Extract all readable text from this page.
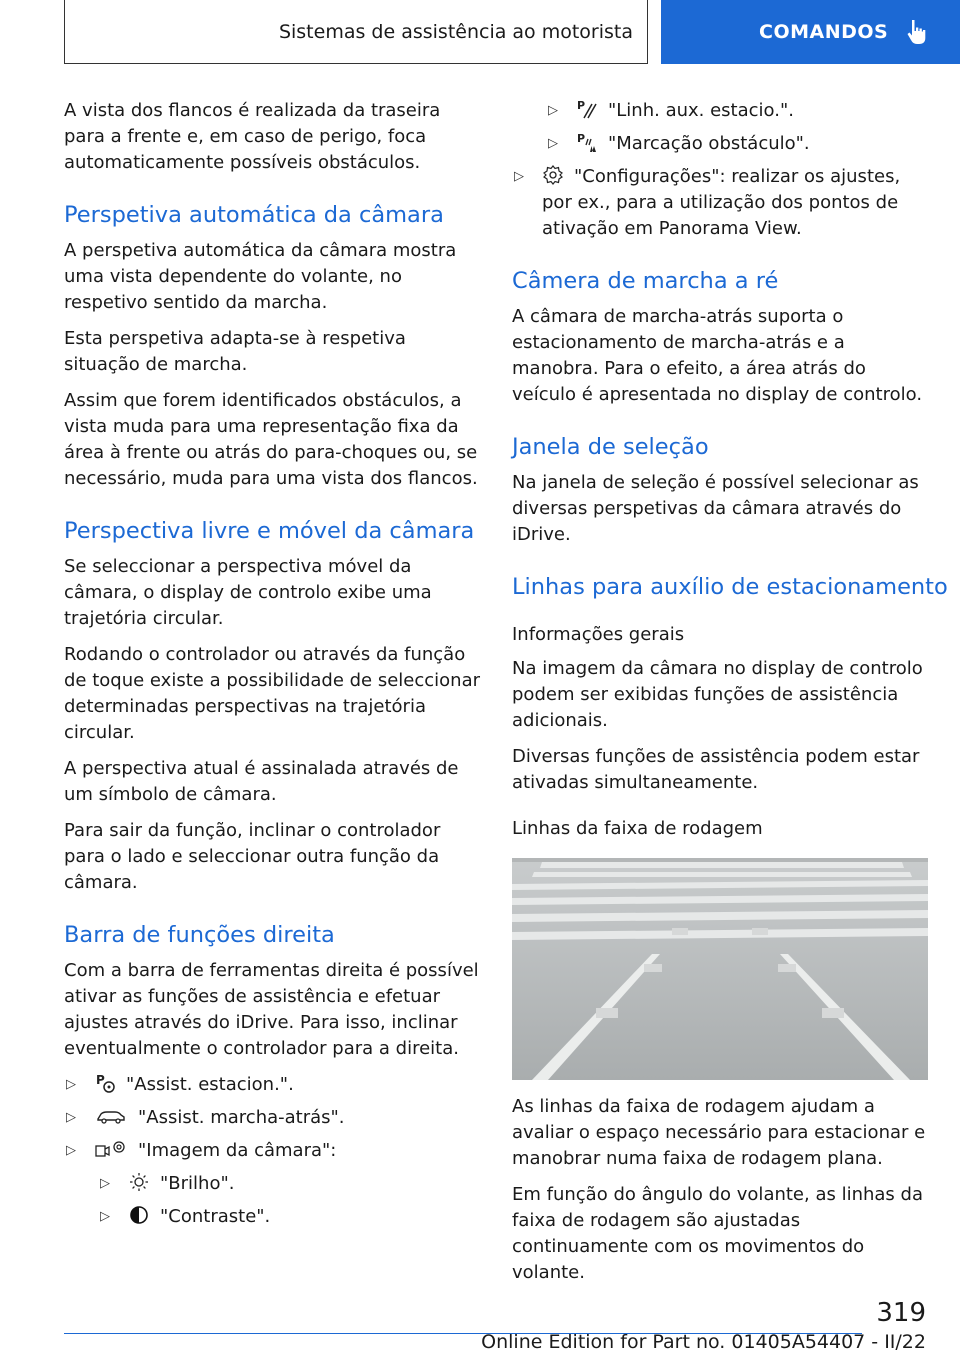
Sistemas de assistência ao motorista	COMANDOS

A vista dos flancos é realizada da traseira para a frente e, em caso de perigo, foca automaticamente possíveis obstáculos.

Perspetiva automática da câmara

A perspetiva automática da câmara mostra uma vista dependente do volante, no respetivo sentido da marcha.

Esta perspetiva adapta-se à respetiva situação de marcha.

Assim que forem identificados obstáculos, a vista muda para uma representação fixa da área à frente ou atrás do para-choques ou, se necessário, muda para uma vista dos flancos.

Perspectiva livre e móvel da câmara

Se seleccionar a perspectiva móvel da câmara, o display de controlo exibe uma trajetória circular.

Rodando o controlador ou através da função de toque existe a possibilidade de seleccionar determinadas perspectivas na trajetória circular.

A perspectiva atual é assinalada através de um símbolo de câmara.

Para sair da função, inclinar o controlador para o lado e seleccionar outra função da câmara.

Barra de funções direita

Com a barra de ferramentas direita é possível ativar as funções de assistência e efetuar ajustes através do iDrive. Para isso, inclinar eventualmente o controlador para a direita.

▷ P "Assist. estacion.".
▷	"Assist. marcha-atrás".
▷	"Imagem da câmara":
▷	"Brilho".
▷	"Contraste".
▷ P "Linh. aux. estacio.".
▷ P "Marcação obstáculo".
▷	"Configurações": realizar os ajustes, por ex., para a utilização dos pontos de ativação em Panorama View.
Câmera de marcha a ré

A câmara de marcha-atrás suporta o estacionamento de marcha-atrás e a manobra. Para o efeito, a área atrás do veículo é apresentada no display de controlo.

Janela de seleção

Na janela de seleção é possível selecionar as diversas perspetivas da câmara através do iDrive.

Linhas para auxílio de estacionamento
Informações gerais

Na imagem da câmara no display de controlo podem ser exibidas funções de assistência adicionais.

Diversas funções de assistência podem estar ativadas simultaneamente.

Linhas da faixa de rodagem

As linhas da faixa de rodagem ajudam a avaliar o espaço necessário para estacionar e manobrar numa faixa de rodagem plana.

Em função do ângulo do volante, as linhas da faixa de rodagem são ajustadas continuamente com os movimentos do volante.

319
Online Edition for Part no. 01405A54407 - II/22
